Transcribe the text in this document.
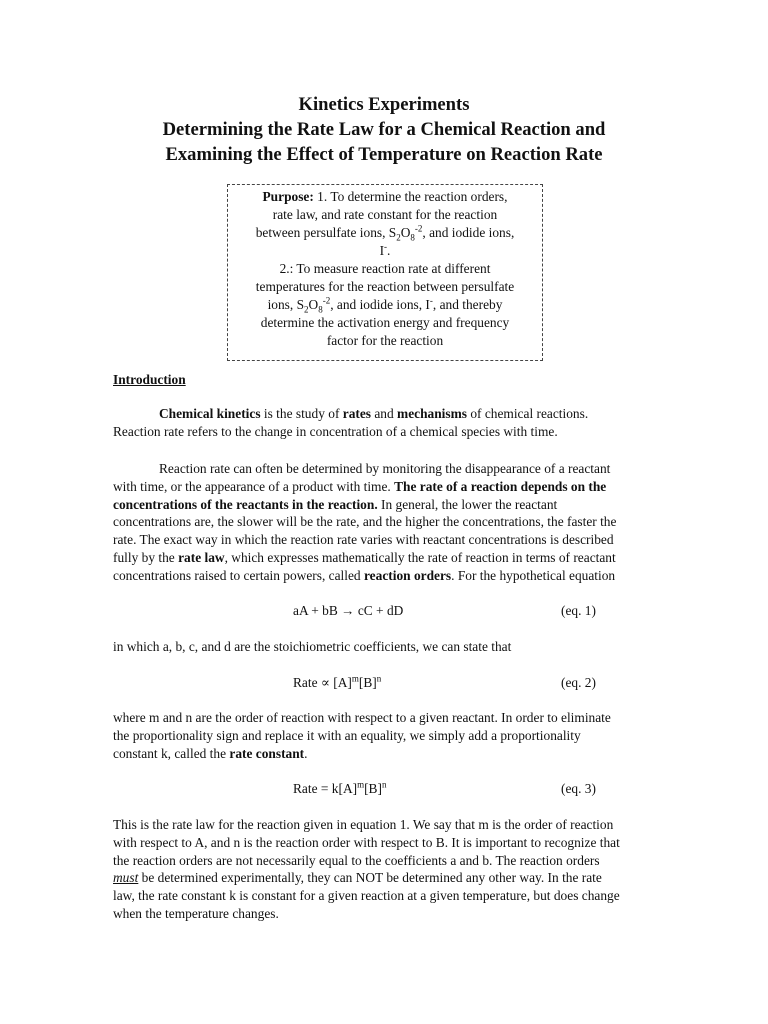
Kinetics Experiments
Determining the Rate Law for a Chemical Reaction and
Examining the Effect of Temperature on Reaction Rate
Purpose: 1. To determine the reaction orders,
rate law, and rate constant for the reaction
between persulfate ions, $S_2O_8^{-2}$, and iodide ions,
I-.
2.: To measure reaction rate at different
temperatures for the reaction between persulfate
ions, $S_2O_8^{-2}$, and iodide ions, I-, and thereby
determine the activation energy and frequency
factor for the reaction
Introduction
Chemical kinetics is the study of rates and mechanisms of chemical reactions.
Reaction rate refers to the change in concentration of a chemical species with time.
Reaction rate can often be determined by monitoring the disappearance of a reactant
with time, or the appearance of a product with time. The rate of a reaction depends on the
concentrations of the reactants in the reaction. In general, the lower the reactant
concentrations are, the slower will be the rate, and the higher the concentrations, the faster the
rate. The exact way in which the reaction rate varies with reactant concentrations is described
fully by the rate law, which expresses mathematically the rate of reaction in terms of reactant
concentrations raised to certain powers, called reaction orders. For the hypothetical equation
aA + bB → cC + dD	(eq. 1)
in which a, b, c, and d are the stoichiometric coefficients, we can state that
Rate ∝ $[A]^m[B]^n$	(eq. 2)
where m and n are the order of reaction with respect to a given reactant. In order to eliminate
the proportionality sign and replace it with an equality, we simply add a proportionality
constant k, called the rate constant.
Rate = $k[A]^m[B]^n$	(eq. 3)
This is the rate law for the reaction given in equation 1. We say that m is the order of reaction
with respect to A, and n is the reaction order with respect to B. It is important to recognize that
the reaction orders are not necessarily equal to the coefficients a and b. The reaction orders
must be determined experimentally, they can NOT be determined any other way. In the rate
law, the rate constant k is constant for a given reaction at a given temperature, but does change
when the temperature changes.
